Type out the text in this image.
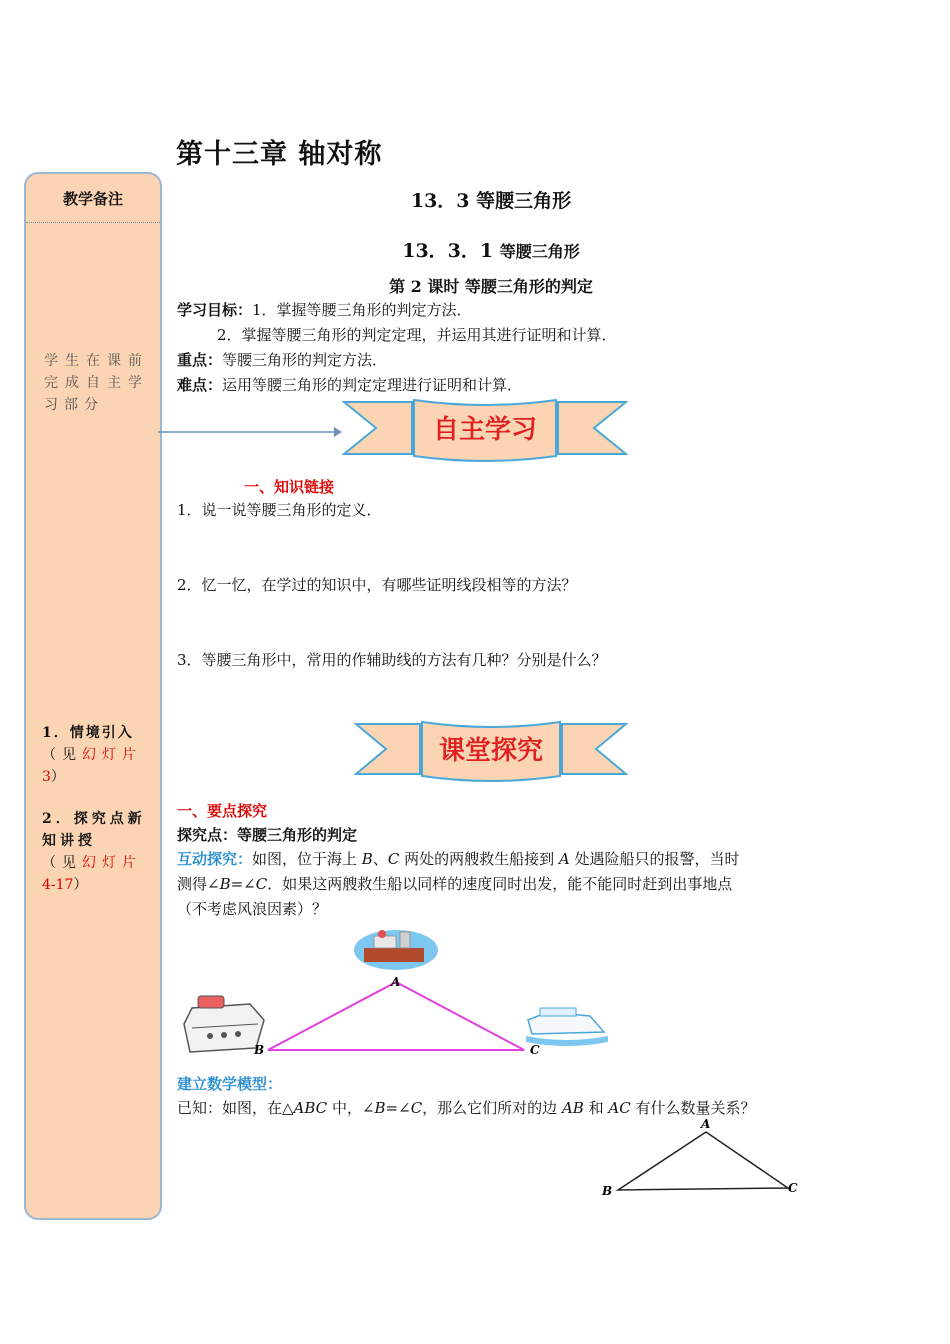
第十三章 轴对称
教学备注
学生在课前完成自主学习部分
1．情境引入
（见幻灯片
3）
2．探究点新知讲授
（见幻灯片
4-17）
13．3 等腰三角形
13．3．1 等腰三角形
第 2 课时 等腰三角形的判定
学习目标：1．掌握等腰三角形的判定方法．
2．掌握等腰三角形的判定定理，并运用其进行证明和计算．
重点：等腰三角形的判定方法．
难点：运用等腰三角形的判定定理进行证明和计算．
自主学习
一、知识链接
1．说一说等腰三角形的定义．
2．忆一忆，在学过的知识中，有哪些证明线段相等的方法？
3．等腰三角形中，常用的作辅助线的方法有几种？分别是什么？
课堂探究
一、要点探究
探究点：等腰三角形的判定
互动探究：如图，位于海上 B、C 两处的两艘救生船接到 A 处遇险船只的报警，当时
测得∠B=∠C．如果这两艘救生船以同样的速度同时出发，能不能同时赶到出事地点
（不考虑风浪因素）？
A
B	C
建立数学模型：
已知：如图，在△ABC 中，∠B=∠C，那么它们所对的边 AB 和 AC 有什么数量关系？
A
B	C
